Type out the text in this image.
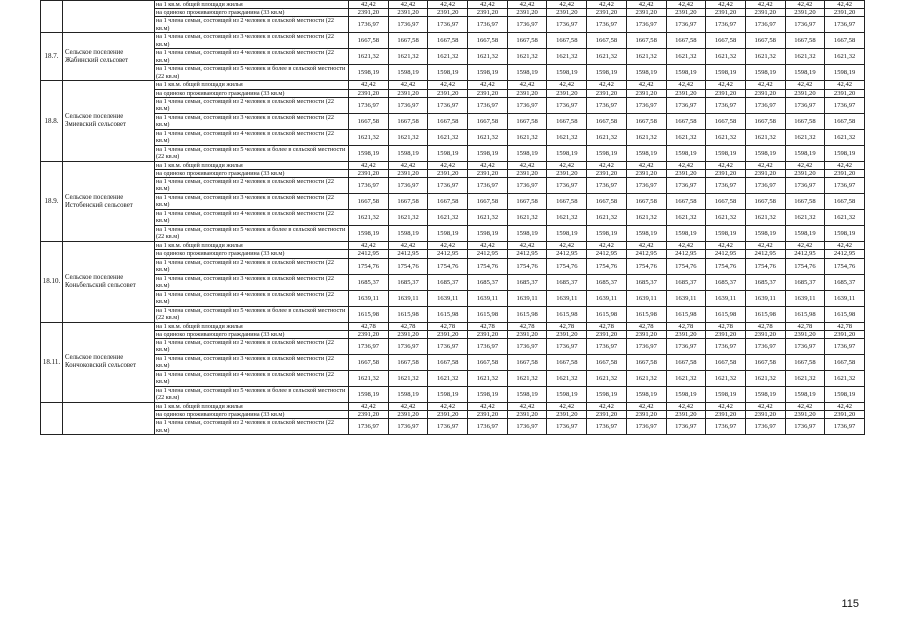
		на 1 кв.м. общей площади жилья	42,42	42,42	42,42	42,42	42,42	42,42	42,42	42,42	42,42	42,42	42,42	42,42	42,42
		на одиноко проживающего гражданина (33 кв.м)	2391,20	2391,20	2391,20	2391,20	2391,20	2391,20	2391,20	2391,20	2391,20	2391,20	2391,20	2391,20	2391,20
		на 1 члена семьи, состоящей из 2 человек в сельской местности (22 кв.м)	1736,97	1736,97	1736,97	1736,97	1736,97	1736,97	1736,97	1736,97	1736,97	1736,97	1736,97	1736,97	1736,97
18.7.	Сельское поселение Жабинский сельсовет	на 1 члена семьи, состоящей из 3 человек в сельской местности (22 кв.м)	1667,58	1667,58	1667,58	1667,58	1667,58	1667,58	1667,58	1667,58	1667,58	1667,58	1667,58	1667,58	1667,58
		на 1 члена семьи, состоящей из 4 человек в сельской местности (22 кв.м)	1621,32	1621,32	1621,32	1621,32	1621,32	1621,32	1621,32	1621,32	1621,32	1621,32	1621,32	1621,32	1621,32
		на 1 члена семьи, состоящей из 5 человек и более в сельской местности (22 кв.м)	1598,19	1598,19	1598,19	1598,19	1598,19	1598,19	1598,19	1598,19	1598,19	1598,19	1598,19	1598,19	1598,19
18.8.	Сельское поселение Змиевский сельсовет	на 1 кв.м. общей площади жилья	42,42	42,42	42,42	42,42	42,42	42,42	42,42	42,42	42,42	42,42	42,42	42,42	42,42
		на одиноко проживающего гражданина (33 кв.м)	2391,20	2391,20	2391,20	2391,20	2391,20	2391,20	2391,20	2391,20	2391,20	2391,20	2391,20	2391,20	2391,20
		на 1 члена семьи, состоящей из 2 человек в сельской местности (22 кв.м)	1736,97	1736,97	1736,97	1736,97	1736,97	1736,97	1736,97	1736,97	1736,97	1736,97	1736,97	1736,97	1736,97
		на 1 члена семьи, состоящей из 3 человек в сельской местности (22 кв.м)	1667,58	1667,58	1667,58	1667,58	1667,58	1667,58	1667,58	1667,58	1667,58	1667,58	1667,58	1667,58	1667,58
		на 1 члена семьи, состоящей из 4 человек в сельской местности (22 кв.м)	1621,32	1621,32	1621,32	1621,32	1621,32	1621,32	1621,32	1621,32	1621,32	1621,32	1621,32	1621,32	1621,32
		на 1 члена семьи, состоящей из 5 человек и более в сельской местности (22 кв.м)	1598,19	1598,19	1598,19	1598,19	1598,19	1598,19	1598,19	1598,19	1598,19	1598,19	1598,19	1598,19	1598,19
18.9.	Сельское поселение Истобенский сельсовет	на 1 кв.м. общей площади жилья	42,42	42,42	42,42	42,42	42,42	42,42	42,42	42,42	42,42	42,42	42,42	42,42	42,42
		на одиноко проживающего гражданина (33 кв.м)	2391,20	2391,20	2391,20	2391,20	2391,20	2391,20	2391,20	2391,20	2391,20	2391,20	2391,20	2391,20	2391,20
		на 1 члена семьи, состоящей из 2 человек в сельской местности (22 кв.м)	1736,97	1736,97	1736,97	1736,97	1736,97	1736,97	1736,97	1736,97	1736,97	1736,97	1736,97	1736,97	1736,97
		на 1 члена семьи, состоящей из 3 человек в сельской местности (22 кв.м)	1667,58	1667,58	1667,58	1667,58	1667,58	1667,58	1667,58	1667,58	1667,58	1667,58	1667,58	1667,58	1667,58
		на 1 члена семьи, состоящей из 4 человек в сельской местности (22 кв.м)	1621,32	1621,32	1621,32	1621,32	1621,32	1621,32	1621,32	1621,32	1621,32	1621,32	1621,32	1621,32	1621,32
		на 1 члена семьи, состоящей из 5 человек и более в сельской местности (22 кв.м)	1598,19	1598,19	1598,19	1598,19	1598,19	1598,19	1598,19	1598,19	1598,19	1598,19	1598,19	1598,19	1598,19
18.10.	Сельское поселение Коньбельский сельсовет	на 1 кв.м. общей площади жилья	42,42	42,42	42,42	42,42	42,42	42,42	42,42	42,42	42,42	42,42	42,42	42,42	42,42
		на одиноко проживающего гражданина (33 кв.м)	2412,95	2412,95	2412,95	2412,95	2412,95	2412,95	2412,95	2412,95	2412,95	2412,95	2412,95	2412,95	2412,95
		на 1 члена семьи, состоящей из 2 человек в сельской местности (22 кв.м)	1754,76	1754,76	1754,76	1754,76	1754,76	1754,76	1754,76	1754,76	1754,76	1754,76	1754,76	1754,76	1754,76
		на 1 члена семьи, состоящей из 3 человек в сельской местности (22 кв.м)	1685,37	1685,37	1685,37	1685,37	1685,37	1685,37	1685,37	1685,37	1685,37	1685,37	1685,37	1685,37	1685,37
		на 1 члена семьи, состоящей из 4 человек в сельской местности (22 кв.м)	1639,11	1639,11	1639,11	1639,11	1639,11	1639,11	1639,11	1639,11	1639,11	1639,11	1639,11	1639,11	1639,11
		на 1 члена семьи, состоящей из 5 человек и более в сельской местности (22 кв.м)	1615,98	1615,98	1615,98	1615,98	1615,98	1615,98	1615,98	1615,98	1615,98	1615,98	1615,98	1615,98	1615,98
18.11.	Сельское поселение Кончоковский сельсовет	на 1 кв.м. общей площади жилья	42,78	42,78	42,78	42,78	42,78	42,78	42,78	42,78	42,78	42,78	42,78	42,78	42,78
		на одиноко проживающего гражданина (33 кв.м)	2391,20	2391,20	2391,20	2391,20	2391,20	2391,20	2391,20	2391,20	2391,20	2391,20	2391,20	2391,20	2391,20
		на 1 члена семьи, состоящей из 2 человек в сельской местности (22 кв.м)	1736,97	1736,97	1736,97	1736,97	1736,97	1736,97	1736,97	1736,97	1736,97	1736,97	1736,97	1736,97	1736,97
		на 1 члена семьи, состоящей из 3 человек в сельской местности (22 кв.м)	1667,58	1667,58	1667,58	1667,58	1667,58	1667,58	1667,58	1667,58	1667,58	1667,58	1667,58	1667,58	1667,58
		на 1 члена семьи, состоящей из 4 человек в сельской местности (22 кв.м)	1621,32	1621,32	1621,32	1621,32	1621,32	1621,32	1621,32	1621,32	1621,32	1621,32	1621,32	1621,32	1621,32
		на 1 члена семьи, состоящей из 5 человек и более в сельской местности (22 кв.м)	1598,19	1598,19	1598,19	1598,19	1598,19	1598,19	1598,19	1598,19	1598,19	1598,19	1598,19	1598,19	1598,19
		на 1 кв.м. общей площади жилья	42,42	42,42	42,42	42,42	42,42	42,42	42,42	42,42	42,42	42,42	42,42	42,42	42,42
		на одиноко проживающего гражданина (33 кв.м)	2391,20	2391,20	2391,20	2391,20	2391,20	2391,20	2391,20	2391,20	2391,20	2391,20	2391,20	2391,20	2391,20
		на 1 члена семьи, состоящей из 2 человек в сельской местности (22 кв.м)	1736,97	1736,97	1736,97	1736,97	1736,97	1736,97	1736,97	1736,97	1736,97	1736,97	1736,97	1736,97	1736,97
115
